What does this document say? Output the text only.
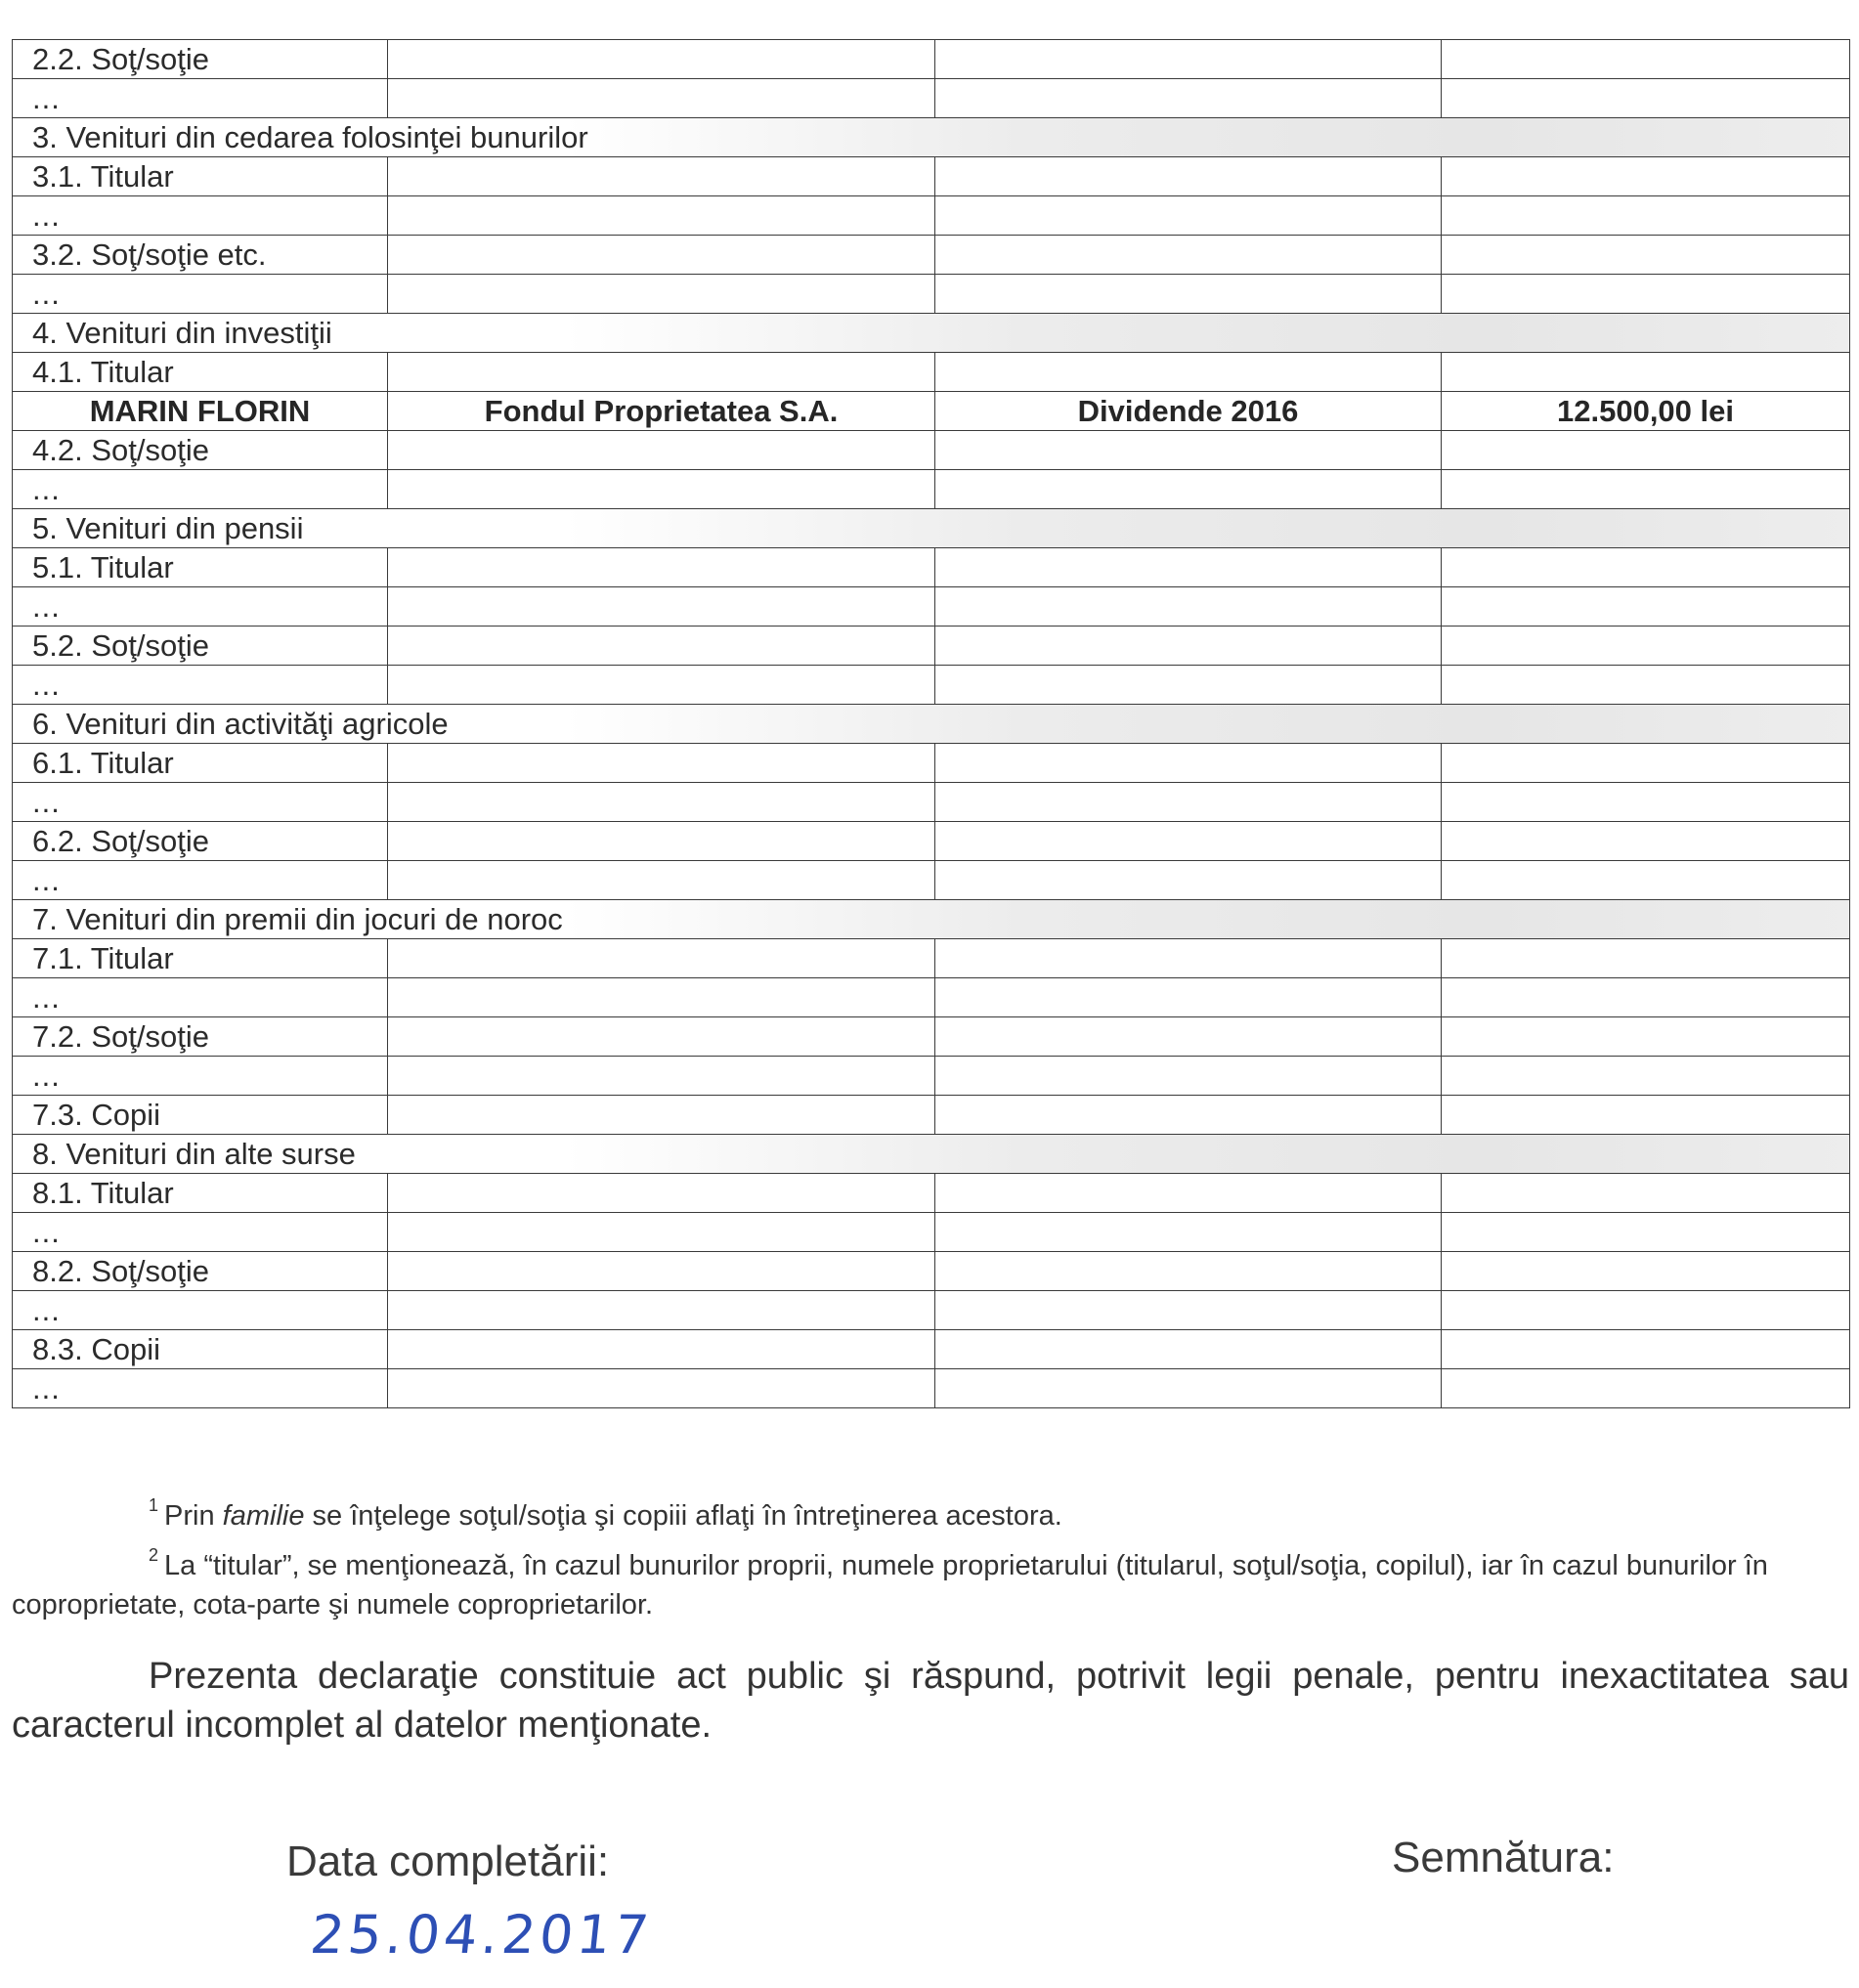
2.2. Soţ/soţie			
...			
3. Venituri din cedarea folosinţei bunurilor			
3.1. Titular			
...			
3.2. Soţ/soţie etc.			
...			
4. Venituri din investiţii			
4.1. Titular			
MARIN FLORIN	Fondul Proprietatea S.A.	Dividende 2016	12.500,00 lei
4.2. Soţ/soţie			
...			
5. Venituri din pensii			
5.1. Titular			
...			
5.2. Soţ/soţie			
...			
6. Venituri din activităţi agricole			
6.1. Titular			
...			
6.2. Soţ/soţie			
...			
7. Venituri din premii din jocuri de noroc			
7.1. Titular			
...			
7.2. Soţ/soţie			
...			
7.3. Copii			
8. Venituri din alte surse			
8.1. Titular			
...			
8.2. Soţ/soţie			
...			
8.3. Copii			
...			
$^1$ Prin familie se înţelege soţul/soţia şi copiii aflaţi în întreţinerea acestora.
$^2$ La “titular”, se menţionează, în cazul bunurilor proprii, numele proprietarului (titularul, soţul/soţia, copilul), iar în cazul bunurilor în coproprietate, cota-parte şi numele coproprietarilor.
Prezenta declaraţie constituie act public şi răspund, potrivit legii penale, pentru inexactitatea sau caracterul incomplet al datelor menţionate.
Data completării:
25.04.2017
Semnătura:
